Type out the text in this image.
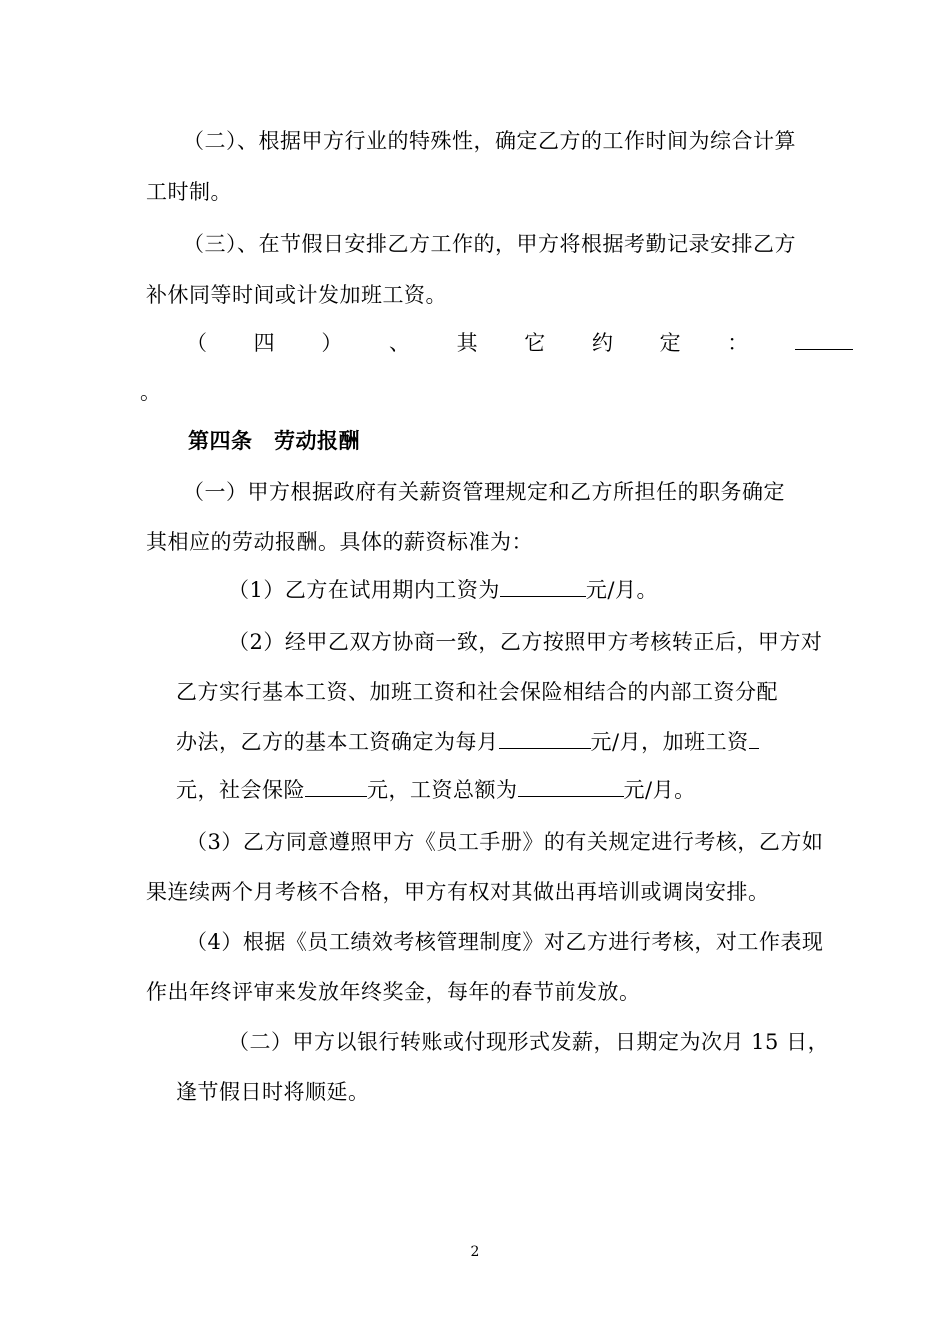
（二）、根据甲方行业的特殊性，确定乙方的工作时间为综合计算
工时制。
（三）、在节假日安排乙方工作的，甲方将根据考勤记录安排乙方
补休同等时间或计发加班工资。
（ 四 ） 、 其 它 约 定 ：
。
第四条　劳动报酬
（一）甲方根据政府有关薪资管理规定和乙方所担任的职务确定
其相应的劳动报酬。具体的薪资标准为：
（1）乙方在试用期内工资为	元/月。
（2）经甲乙双方协商一致，乙方按照甲方考核转正后，甲方对
乙方实行基本工资、加班工资和社会保险相结合的内部工资分配
办法，乙方的基本工资确定为每月	元/月，加班工资
元，社会保险	元，工资总额为	元/月。
（3）乙方同意遵照甲方《员工手册》的有关规定进行考核，乙方如
果连续两个月考核不合格，甲方有权对其做出再培训或调岗安排。
（4）根据《员工绩效考核管理制度》对乙方进行考核，对工作表现
作出年终评审来发放年终奖金，每年的春节前发放。
（二）甲方以银行转账或付现形式发薪，日期定为次月 15 日，
逢节假日时将顺延。
2
